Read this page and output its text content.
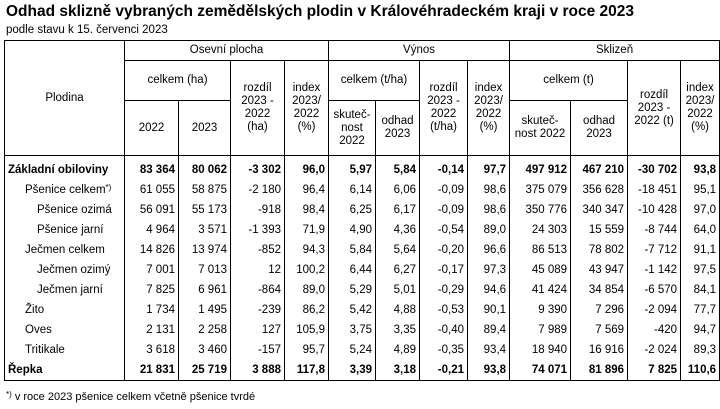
Odhad sklizně vybraných zemědělských plodin v Královéhradeckém kraji v roce 2023
podle stavu k 15. červenci 2023
Plodina	Osevní plocha				Výnos				Sklizeň			
	celkem (ha)		rozdíl 2023 - 2022 (ha)	index 2023/ 2022 (%)	celkem (t/ha)		rozdíl 2023 - 2022 (t/ha)	index 2023/ 2022 (%)	celkem (t)		rozdíl 2023 - 2022 (t)	index 2023/ 2022 (%)
	2022	2023			skuteč-nost 2022	odhad 2023			skuteč-nost 2022	odhad 2023		
Základní obiloviny	83 364	80 062	-3 302	96,0	5,97	5,84	-0,14	97,7	497 912	467 210	-30 702	93,8
Pšenice celkem*)	61 055	58 875	-2 180	96,4	6,14	6,06	-0,09	98,6	375 079	356 628	-18 451	95,1
Pšenice ozimá	56 091	55 173	-918	98,4	6,25	6,17	-0,09	98,6	350 776	340 347	-10 428	97,0
Pšenice jarní	4 964	3 571	-1 393	71,9	4,90	4,36	-0,54	89,0	24 303	15 559	-8 744	64,0
Ječmen celkem	14 826	13 974	-852	94,3	5,84	5,64	-0,20	96,6	86 513	78 802	-7 712	91,1
Ječmen ozimý	7 001	7 013	12	100,2	6,44	6,27	-0,17	97,3	45 089	43 947	-1 142	97,5
Ječmen jarní	7 825	6 961	-864	89,0	5,29	5,01	-0,29	94,6	41 424	34 854	-6 570	84,1
Žito	1 734	1 495	-239	86,2	5,42	4,88	-0,53	90,1	9 390	7 296	-2 094	77,7
Oves	2 131	2 258	127	105,9	3,75	3,35	-0,40	89,4	7 989	7 569	-420	94,7
Tritikale	3 618	3 460	-157	95,7	5,24	4,89	-0,35	93,4	18 940	16 916	-2 024	89,3
Řepka	21 831	25 719	3 888	117,8	3,39	3,18	-0,21	93,8	74 071	81 896	7 825	110,6
*) v roce 2023 pšenice celkem včetně pšenice tvrdé
